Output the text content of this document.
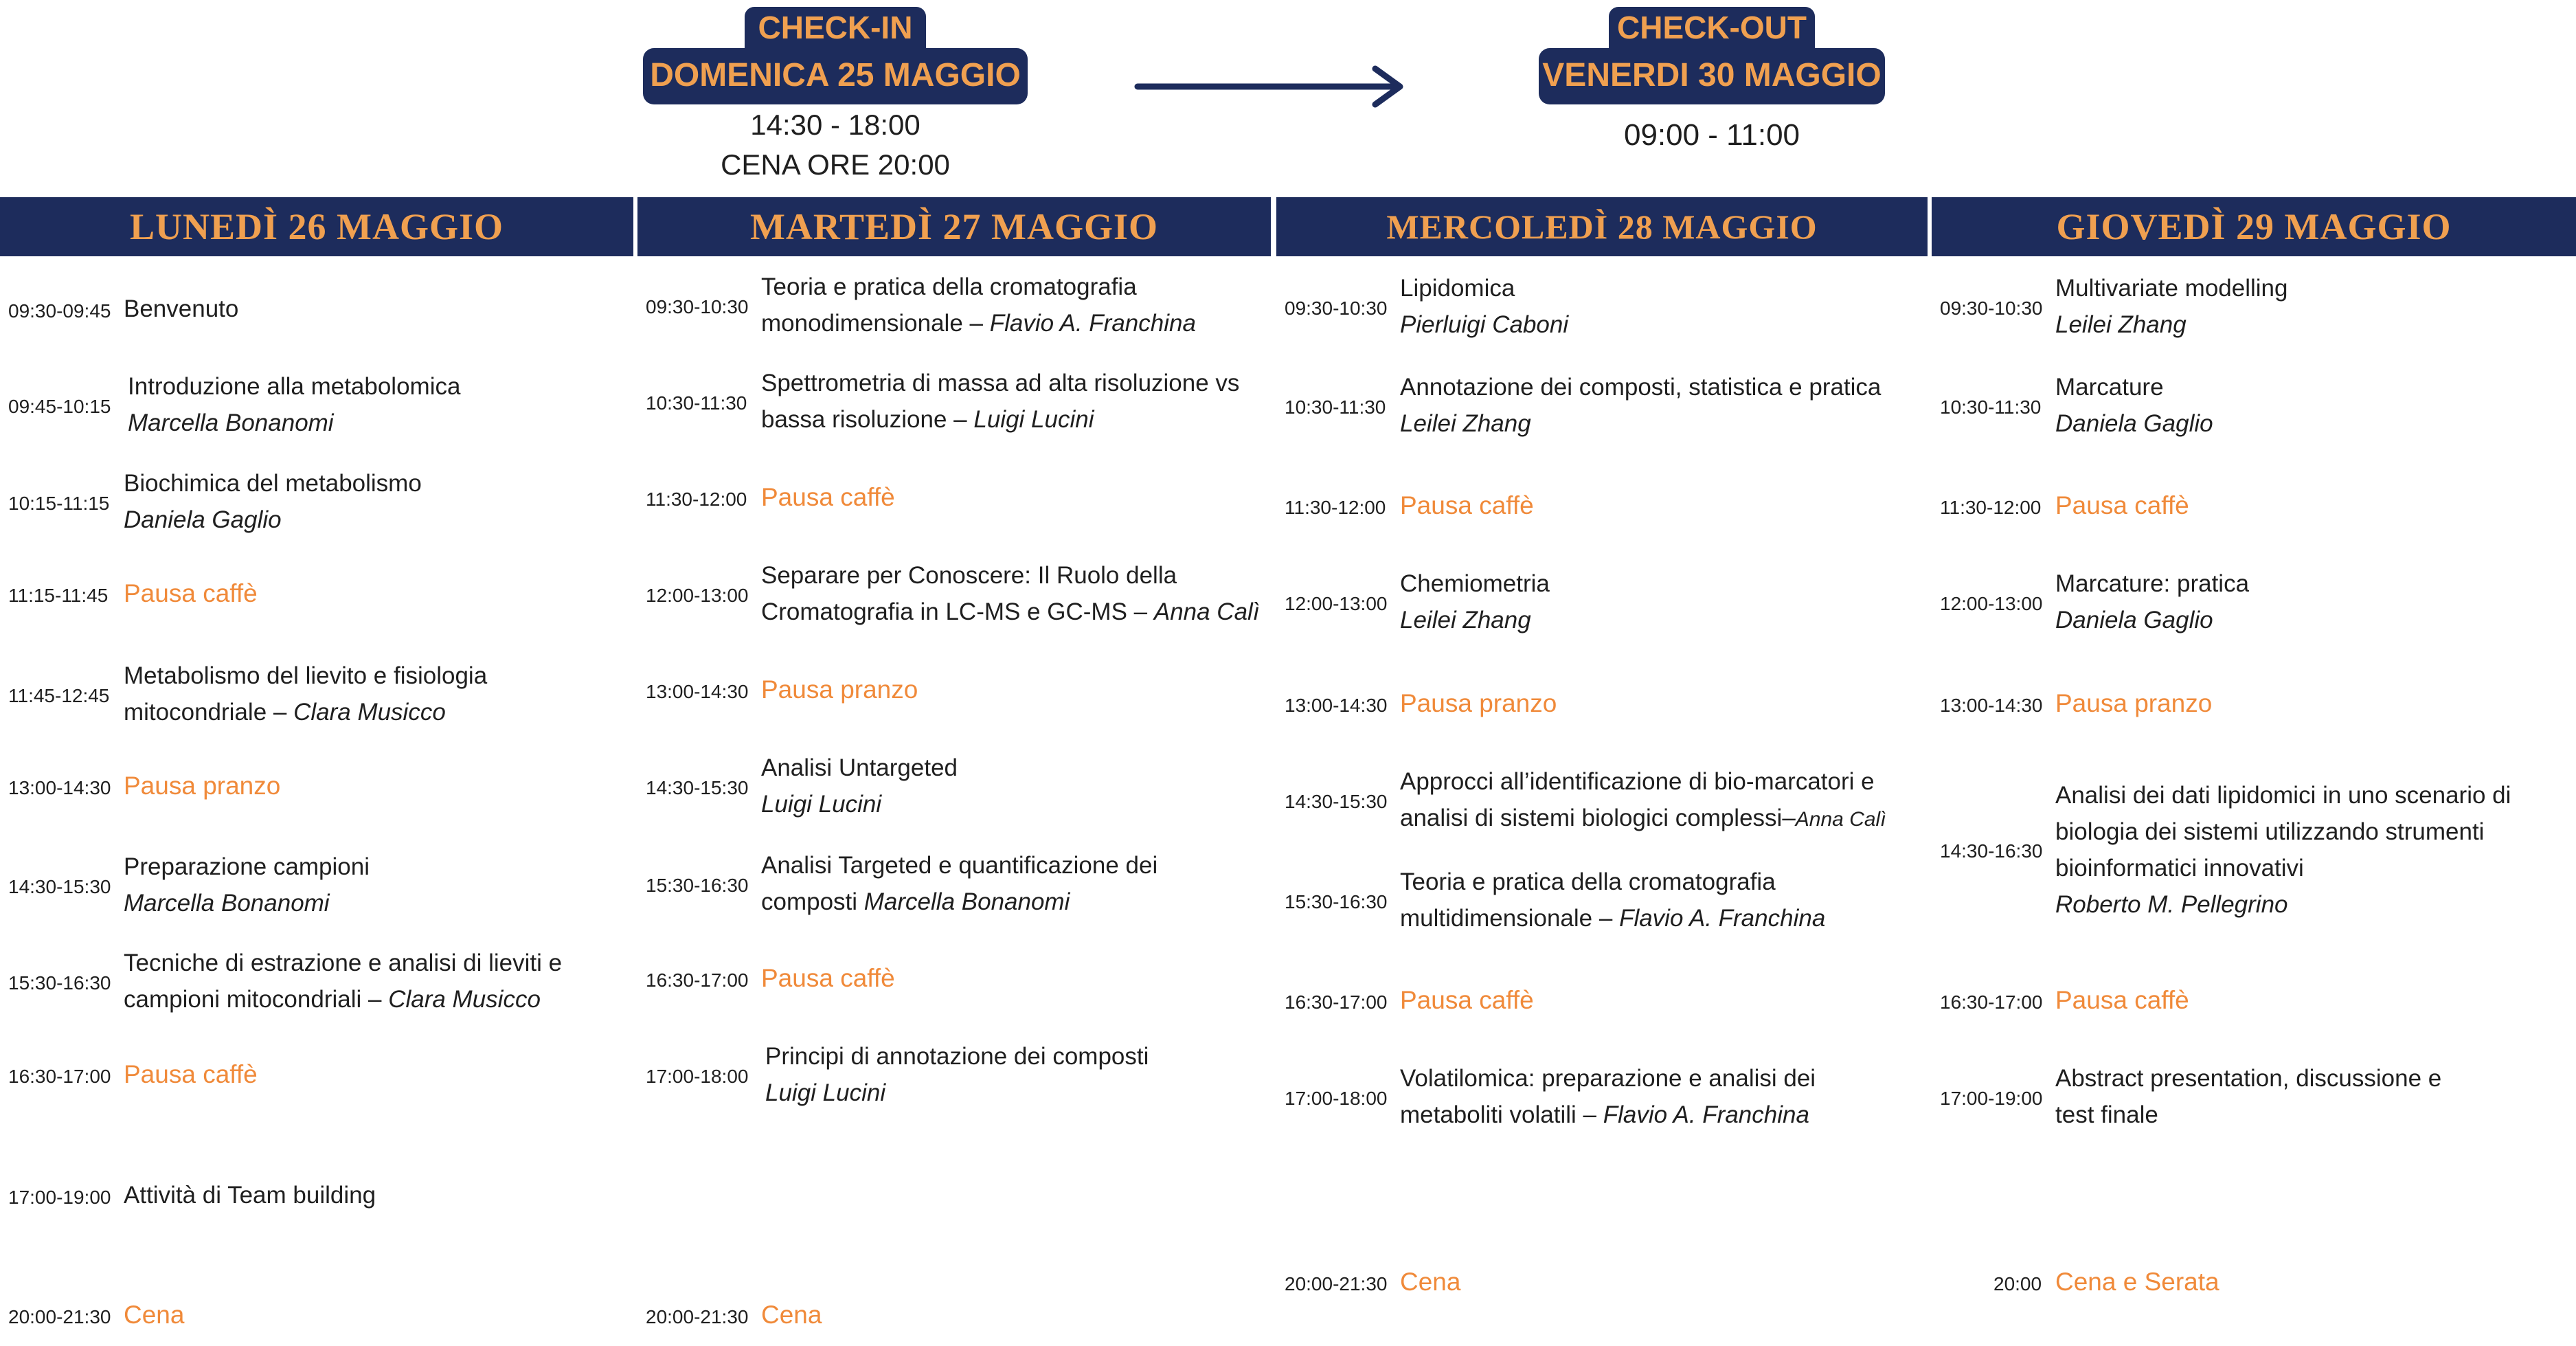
CHECK-IN
DOMENICA 25 MAGGIO
14:30 - 18:00
CENA ORE 20:00
CHECK-OUT
VENERDI 30 MAGGIO
09:00 - 11:00
LUNEDÌ 26 MAGGIO	MARTEDÌ 27 MAGGIO	MERCOLEDÌ 28 MAGGIO	GIOVEDÌ 29 MAGGIO
09:30-09:45 Benvenuto
09:45-10:15
Introduzione alla metabolomica
Marcella Bonanomi
10:15-11:15
Biochimica del metabolismo
Daniela Gaglio
11:15-11:45 Pausa caffè
11:45-12:45
Metabolismo del lievito e fisiologia
mitocondriale – Clara Musicco
13:00-14:30 Pausa pranzo
14:30-15:30
Preparazione campioni
Marcella Bonanomi
15:30-16:30
Tecniche di estrazione e analisi di lieviti e
campioni mitocondriali – Clara Musicco
16:30-17:00 Pausa caffè
17:00-19:00 Attività di Team building
20:00-21:30 Cena
09:30-10:30
Teoria e pratica della cromatografia
monodimensionale – Flavio A. Franchina
10:30-11:30
Spettrometria di massa ad alta risoluzione vs
bassa risoluzione – Luigi Lucini
11:30-12:00 Pausa caffè
12:00-13:00
Separare per Conoscere: Il Ruolo della
Cromatografia in LC-MS e GC-MS – Anna Calì
13:00-14:30 Pausa pranzo
14:30-15:30
Analisi Untargeted
Luigi Lucini
15:30-16:30
Analisi Targeted e quantificazione dei
composti Marcella Bonanomi
16:30-17:00 Pausa caffè
17:00-18:00
Principi di annotazione dei composti
Luigi Lucini
20:00-21:30 Cena
09:30-10:30
Lipidomica
Pierluigi Caboni
10:30-11:30
Annotazione dei composti, statistica e pratica
Leilei Zhang
11:30-12:00 Pausa caffè
12:00-13:00
Chemiometria
Leilei Zhang
13:00-14:30 Pausa pranzo
14:30-15:30
Approcci all’identificazione di bio-marcatori e
analisi di sistemi biologici complessi–Anna Calì
15:30-16:30
Teoria e pratica della cromatografia
multidimensionale – Flavio A. Franchina
16:30-17:00 Pausa caffè
17:00-18:00
Volatilomica: preparazione e analisi dei
metaboliti volatili – Flavio A. Franchina
20:00-21:30 Cena
09:30-10:30
Multivariate modelling
Leilei Zhang
10:30-11:30
Marcature
Daniela Gaglio
11:30-12:00 Pausa caffè
12:00-13:00
Marcature: pratica
Daniela Gaglio
13:00-14:30 Pausa pranzo
14:30-16:30
Analisi dei dati lipidomici in uno scenario di
biologia dei sistemi utilizzando strumenti
bioinformatici innovativi
Roberto M. Pellegrino
16:30-17:00 Pausa caffè
17:00-19:00
Abstract presentation, discussione e
test finale
20:00 Cena e Serata
